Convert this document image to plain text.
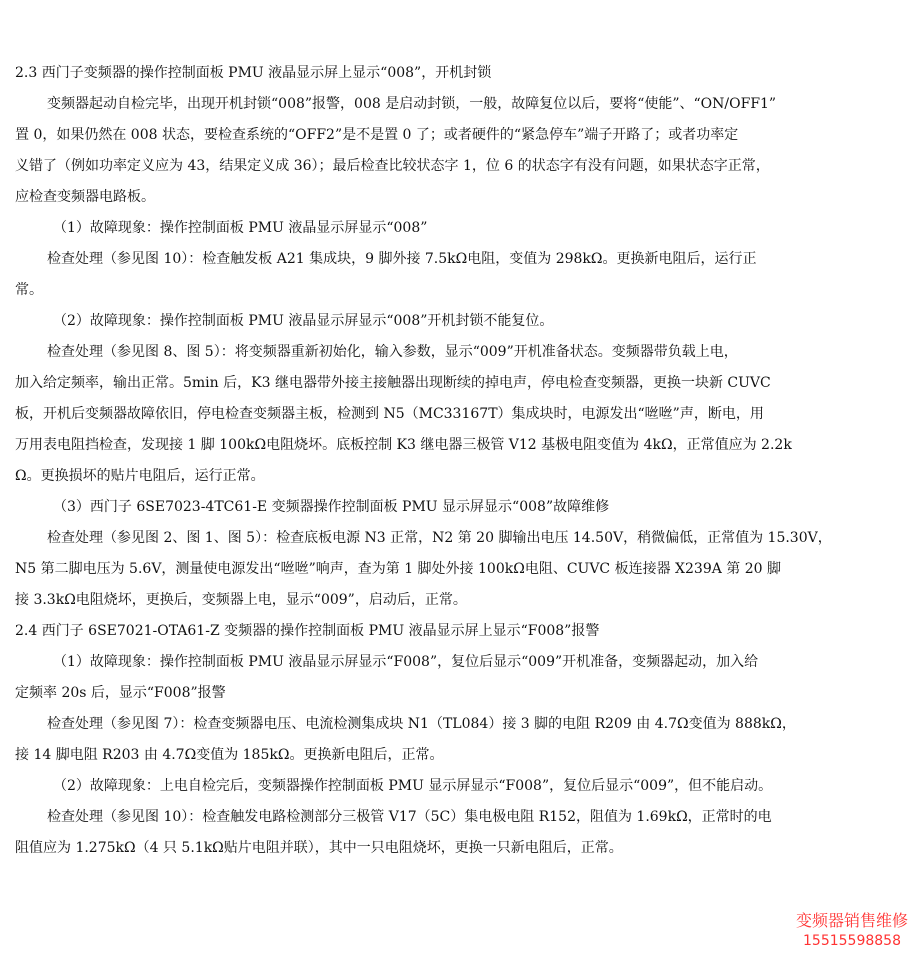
2.3 西门子变频器的操作控制面板 PMU 液晶显示屏上显示“008”，开机封锁
变频器起动自检完毕，出现开机封锁“008”报警，008 是启动封锁，一般，故障复位以后，要将“使能”、“ON/OFF1”
置 0，如果仍然在 008 状态，要检查系统的“OFF2”是不是置 0 了；或者硬件的“紧急停车”端子开路了；或者功率定
义错了（例如功率定义应为 43，结果定义成 36）；最后检查比较状态字 1，位 6 的状态字有没有问题，如果状态字正常，
应检查变频器电路板。
（1）故障现象：操作控制面板 PMU 液晶显示屏显示“008”
检查处理（参见图 10）：检查触发板 A21 集成块，9 脚外接 7.5kΩ电阻，变值为 298kΩ。更换新电阻后，运行正
常。
（2）故障现象：操作控制面板 PMU 液晶显示屏显示“008”开机封锁不能复位。
检查处理（参见图 8、图 5）：将变频器重新初始化，输入参数，显示“009”开机准备状态。变频器带负载上电，
加入给定频率，输出正常。5min 后，K3 继电器带外接主接触器出现断续的掉电声，停电检查变频器，更换一块新 CUVC
板，开机后变频器故障依旧，停电检查变频器主板，检测到 N5（MC33167T）集成块时，电源发出“咝咝”声，断电，用
万用表电阻挡检查，发现接 1 脚 100kΩ电阻烧坏。底板控制 K3 继电器三极管 V12 基极电阻变值为 4kΩ，正常值应为 2.2k
Ω。更换损坏的贴片电阻后，运行正常。
（3）西门子 6SE7023-4TC61-E 变频器操作控制面板 PMU 显示屏显示“008”故障维修
检查处理（参见图 2、图 1、图 5）：检查底板电源 N3 正常，N2 第 20 脚输出电压 14.50V，稍微偏低，正常值为 15.30V，
N5 第二脚电压为 5.6V，测量使电源发出“咝咝”响声，查为第 1 脚处外接 100kΩ电阻、CUVC 板连接器 X239A 第 20 脚
接 3.3kΩ电阻烧坏，更换后，变频器上电，显示“009”，启动后，正常。
2.4 西门子 6SE7021-OTA61-Z 变频器的操作控制面板 PMU 液晶显示屏上显示“F008”报警
（1）故障现象：操作控制面板 PMU 液晶显示屏显示“F008”，复位后显示“009”开机准备，变频器起动，加入给
定频率 20s 后，显示“F008”报警
检查处理（参见图 7）：检查变频器电压、电流检测集成块 N1（TL084）接 3 脚的电阻 R209 由 4.7Ω变值为 888kΩ，
接 14 脚电阻 R203 由 4.7Ω变值为 185kΩ。更换新电阻后，正常。
（2）故障现象：上电自检完后，变频器操作控制面板 PMU 显示屏显示“F008”，复位后显示“009”，但不能启动。
检查处理（参见图 10）：检查触发电路检测部分三极管 V17（5C）集电极电阻 R152，阻值为 1.69kΩ，正常时的电
阻值应为 1.275kΩ（4 只 5.1kΩ贴片电阻并联），其中一只电阻烧坏，更换一只新电阻后，正常。
变频器销售维修
15515598858
